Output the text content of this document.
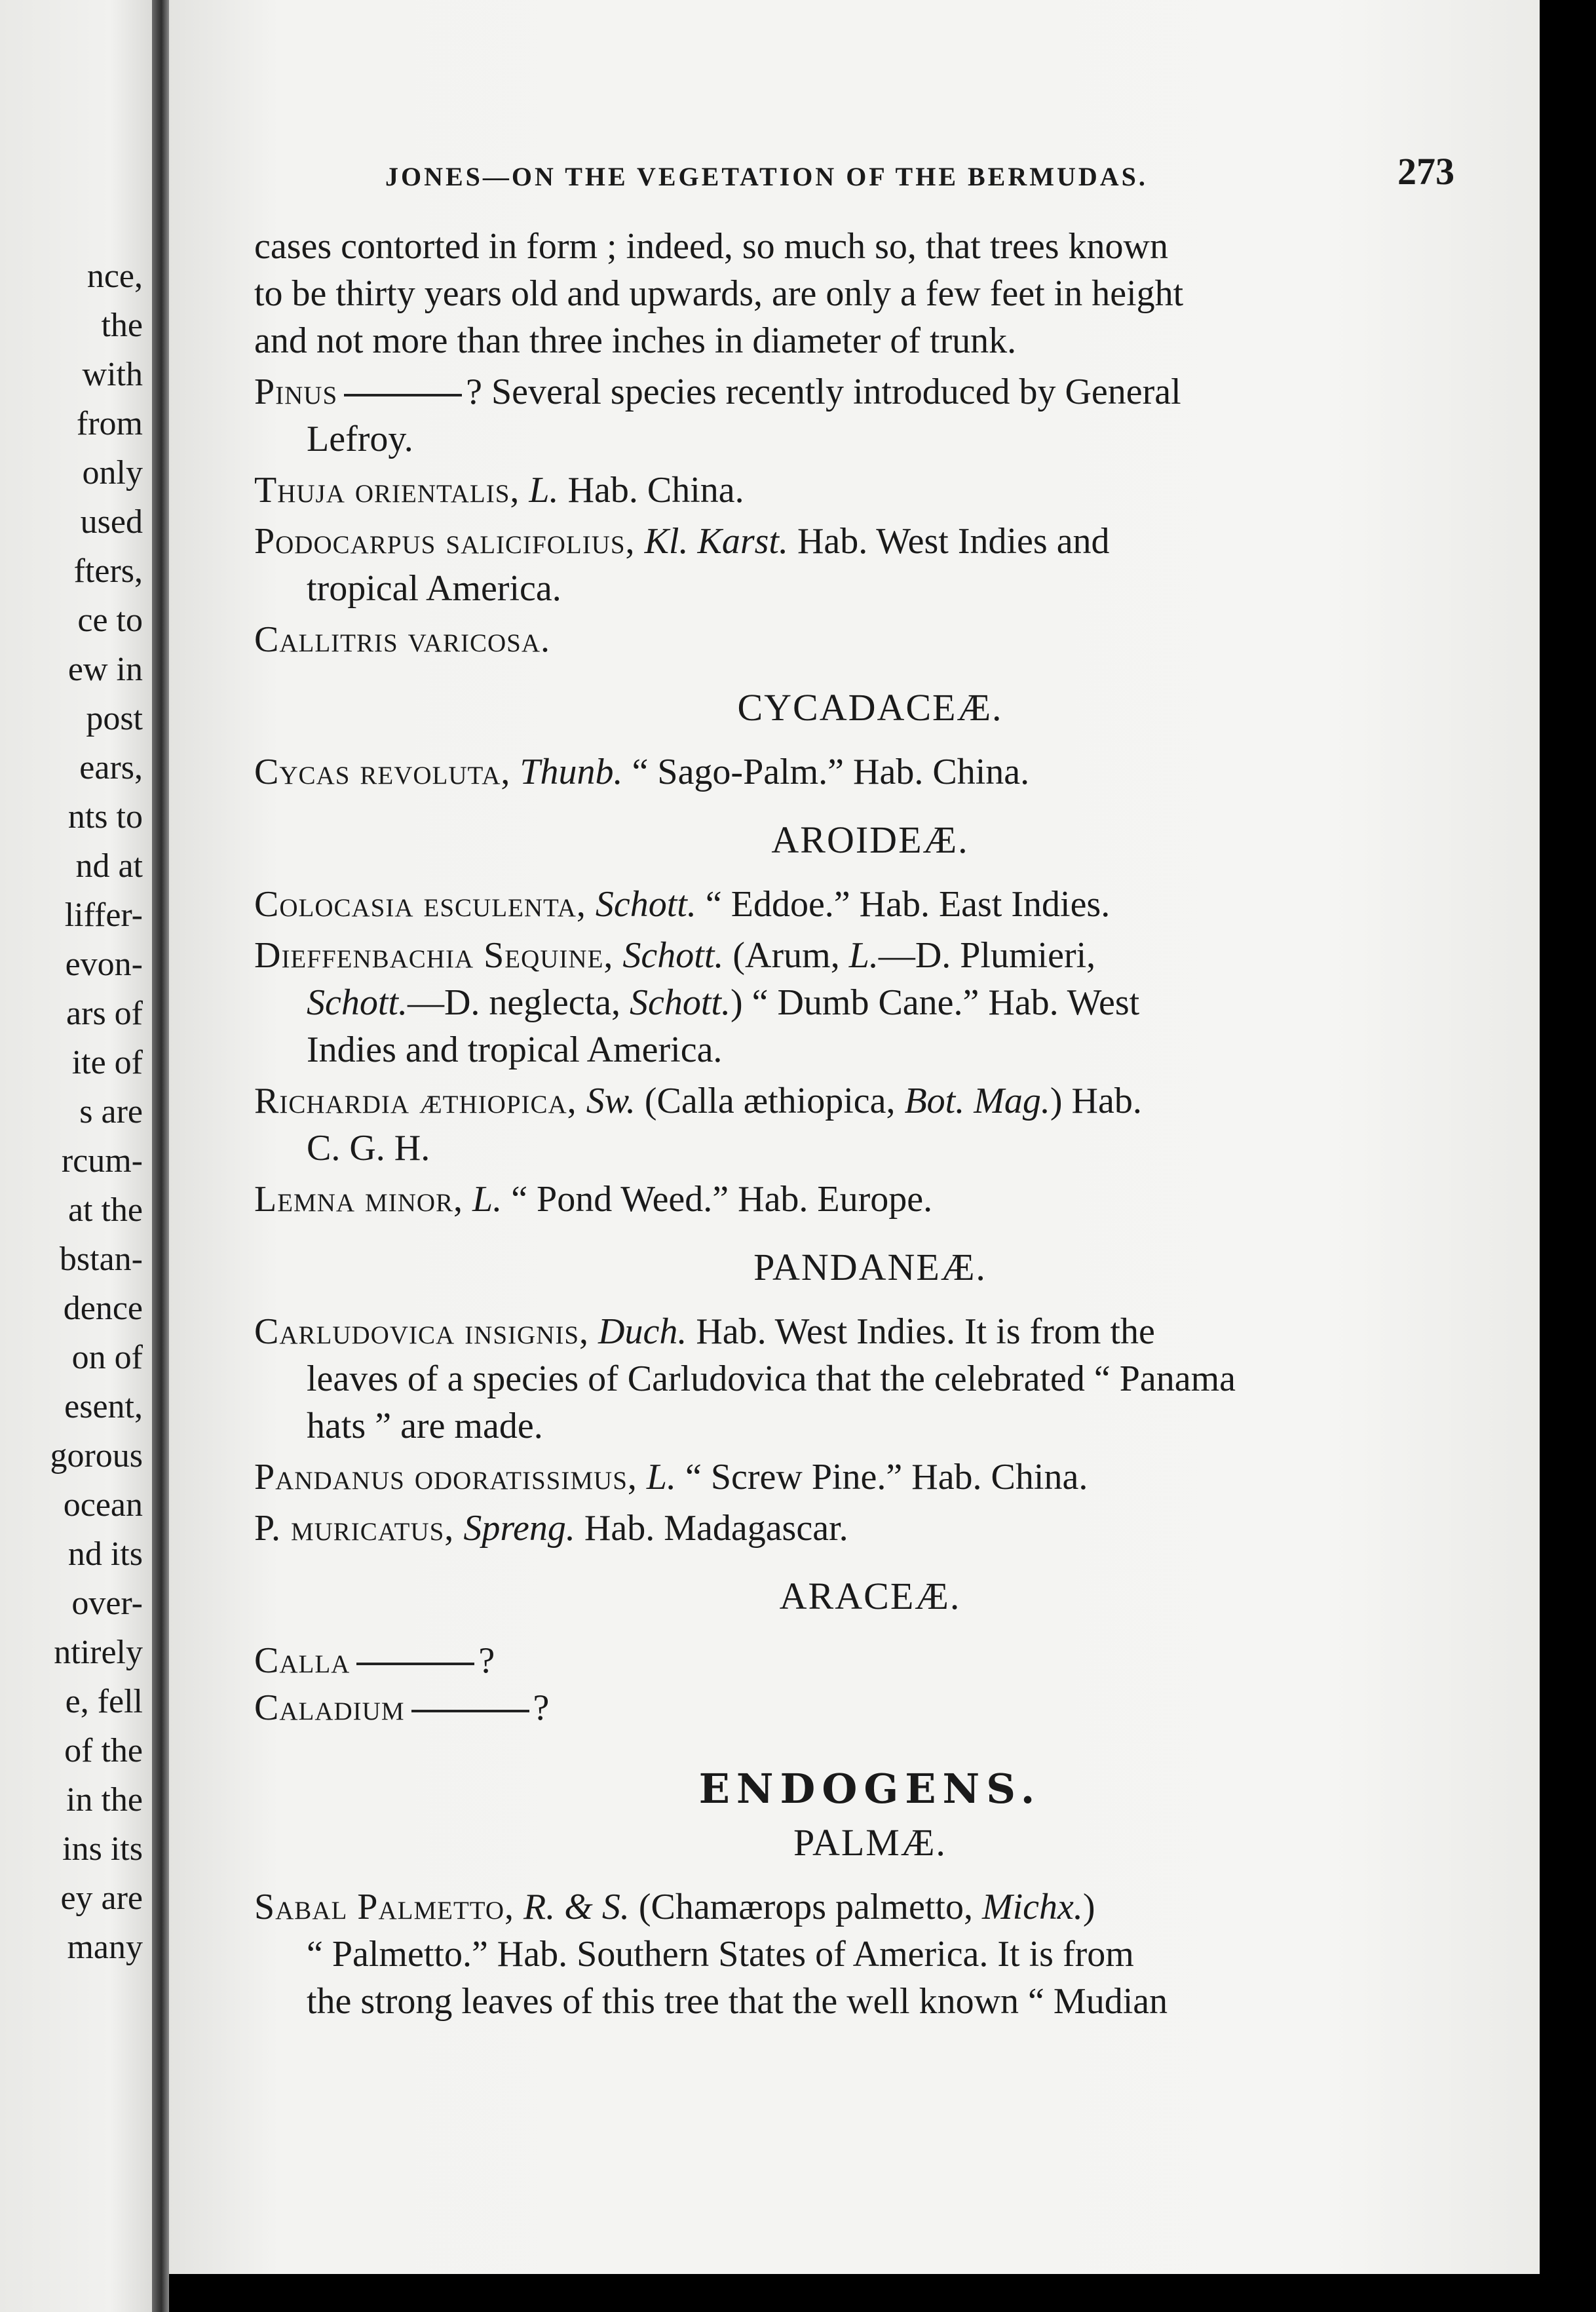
nce,
the
with
from
only
used
fters,
ce to
ew in
post
ears,
nts to
nd at
liffer-
evon-
ars of
ite of
s are
rcum-
at the
bstan-
dence
on of
esent,
gorous
ocean
nd its
over-
ntirely
e, fell
of the
in the
ins its
ey are
many
JONES—ON THE VEGETATION OF THE BERMUDAS.	273

cases contorted in form ; indeed, so much so, that trees known
to be thirty years old and upwards, are only a few feet in height
and not more than three inches in diameter of trunk.

Pinus	? Several species recently introduced by General
Lefroy.

Thuja orientalis, L. Hab. China.

Podocarpus salicifolius, Kl. Karst. Hab. West Indies and
tropical America.

Callitris varicosa.

CYCADACEÆ.

Cycas revoluta, Thunb. “ Sago-Palm.” Hab. China.

AROIDEÆ.

Colocasia esculenta, Schott. “ Eddoe.” Hab. East Indies.

Dieffenbachia Sequine, Schott. (Arum, L.—D. Plumieri,
Schott.—D. neglecta, Schott.) “ Dumb Cane.” Hab. West
Indies and tropical America.

Richardia æthiopica, Sw. (Calla æthiopica, Bot. Mag.) Hab.
C. G. H.

Lemna minor, L. “ Pond Weed.” Hab. Europe.

PANDANEÆ.

Carludovica insignis, Duch. Hab. West Indies. It is from the
leaves of a species of Carludovica that the celebrated “ Panama
hats ” are made.

Pandanus odoratissimus, L. “ Screw Pine.” Hab. China.

P. muricatus, Spreng. Hab. Madagascar.

ARACEÆ.

Calla	?

Caladium	?

ENDOGENS.
PALMÆ.

Sabal Palmetto, R. & S. (Chamærops palmetto, Michx.)
“ Palmetto.” Hab. Southern States of America. It is from
the strong leaves of this tree that the well known “ Mudian
